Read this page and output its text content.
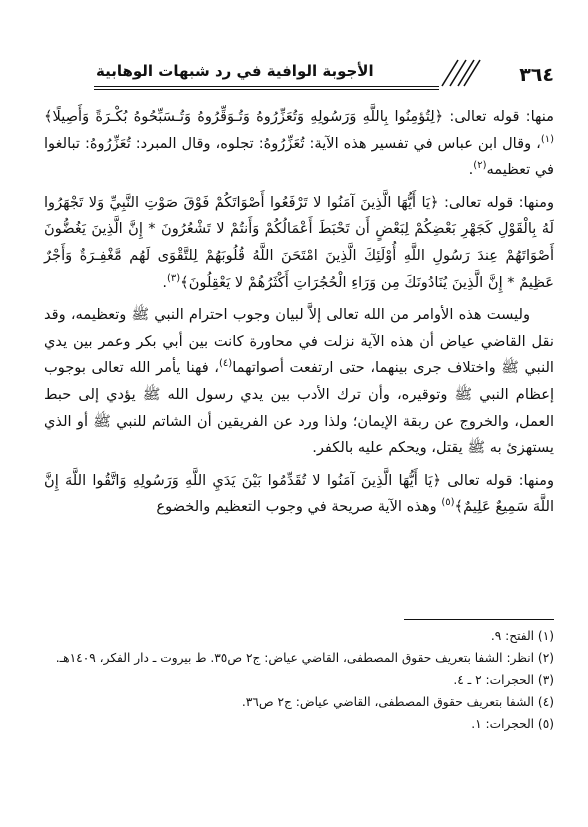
٣٦٤
الأجوبة الوافية في رد شبهات الوهابية

منها: قوله تعالى: ﴿لِتُؤمِنُوا بِاللَّهِ وَرَسُولِهِ وَتُعَزِّرُوهُ وَتُـوَقِّرُوهُ وَتُـسَبِّحُوهُ بُكْـرَةً وَأَصِيلًا﴾$^{(١)}$، وقال ابن عباس في تفسير هذه الآية: تُعَزِّرُوهُ: تجلوه، وقال المبرد: تُعَزِّرُوهُ: تبالغوا في تعظيمه$^{(٢)}$.

ومنها: قوله تعالى: ﴿يَا أَيُّهَا الَّذِينَ آمَنُوا لا تَرْفَعُوا أَصْوَاتَكُمْ فَوْقَ صَوْتِ النَّبِيِّ وَلا تَجْهَرُوا لَهُ بِالْقَوْلِ كَجَهْرِ بَعْضِكُمْ لِبَعْضٍ أَن تَحْبَطَ أَعْمَالُكُمْ وَأَنتُمْ لا تَشْعُرُونَ * إِنَّ الَّذِينَ يَغُضُّونَ أَصْوَاتَهُمْ عِندَ رَسُولِ اللَّهِ أُوْلَئِكَ الَّذِينَ امْتَحَنَ اللَّهُ قُلُوبَهُمْ لِلتَّقْوَى لَهُم مَّغْفِـرَةٌ وَأَجْرٌ عَظِيمٌ * إِنَّ الَّذِينَ يُنَادُونَكَ مِن وَرَاءِ الْحُجُرَاتِ أَكْثَرُهُمْ لا يَعْقِلُونَ﴾$^{(٣)}$.

وليست هذه الأوامر من الله تعالى إلاَّ لبيان وجوب احترام النبي ﷺ وتعظيمه، وقد نقل القاضي عياض أن هذه الآية نزلت في محاورة كانت بين أبي بكر وعمر بين يدي النبي ﷺ واختلاف جرى بينهما، حتى ارتفعت أصواتهما$^{(٤)}$، فهنا يأمر الله تعالى بوجوب إعظام النبي ﷺ وتوقيره، وأن ترك الأدب بين يدي رسول الله ﷺ يؤدي إلى حبط العمل، والخروج عن ربقة الإيمان؛ ولذا ورد عن الفريقين أن الشاتم للنبي ﷺ أو الذي يستهزئ به ﷺ يقتل، ويحكم عليه بالكفر.

ومنها: قوله تعالى ﴿يَا أَيُّهَا الَّذِينَ آمَنُوا لا تُقَدِّمُوا بَيْنَ يَدَيِ اللَّهِ وَرَسُولِهِ وَاتَّقُوا اللَّهَ إِنَّ اللَّهَ سَمِيعٌ عَلِيمٌ﴾$^{(٥)}$ وهذه الآية صريحة في وجوب التعظيم والخضوع

(١) الفتح: ٩.

(٢) انظر: الشفا بتعريف حقوق المصطفى، القاضي عياض: ج٢ ص٣٥. ط بيروت ـ دار الفكر، ١٤٠٩هـ.

(٣) الحجرات: ٢ ـ ٤.

(٤) الشفا بتعريف حقوق المصطفى، القاضي عياض: ج٢ ص٣٦.

(٥) الحجرات: ١.
